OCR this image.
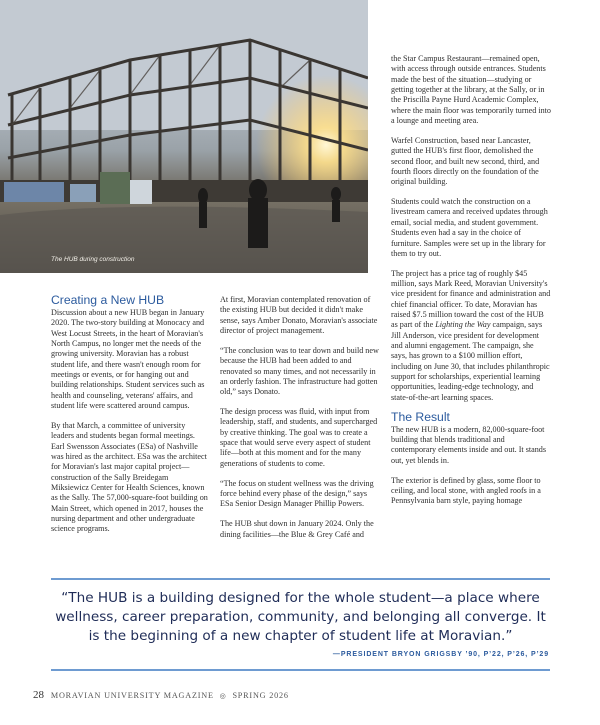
The HUB during construction
Creating a New HUB

Discussion about a new HUB began in January 2020. The two-story building at Monocacy and West Locust Streets, in the heart of Moravian's North Campus, no longer met the needs of the growing university. Moravian has a robust student life, and there wasn't enough room for meetings or events, or for hanging out and building relationships. Student services such as health and counseling, veterans' affairs, and student life were scattered around campus.

By that March, a committee of university leaders and students began formal meetings. Earl Swensson Associates (ESa) of Nashville was hired as the architect. ESa was the architect for Moravian's last major capital project—construction of the Sally Breidegam Miksiewicz Center for Health Sciences, known as the Sally. The 57,000-square-foot building on Main Street, which opened in 2017, houses the nursing department and other undergraduate science programs.

At first, Moravian contemplated renovation of the existing HUB but decided it didn't make sense, says Amber Donato, Moravian's associate director of project management.

“The conclusion was to tear down and build new because the HUB had been added to and renovated so many times, and not necessarily in an orderly fashion. The infrastructure had gotten old,” says Donato.

The design process was fluid, with input from leadership, staff, and students, and supercharged by creative thinking. The goal was to create a space that would serve every aspect of student life—both at this moment and for the many generations of students to come.

“The focus on student wellness was the driving force behind every phase of the design,” says ESa Senior Design Manager Phillip Powers.

The HUB shut down in January 2024. Only the dining facilities—the Blue & Grey Café and

the Star Campus Restaurant—remained open, with access through outside entrances. Students made the best of the situation—studying or getting together at the library, at the Sally, or in the Priscilla Payne Hurd Academic Complex, where the main floor was temporarily turned into a lounge and meeting area.

Warfel Construction, based near Lancaster, gutted the HUB's first floor, demolished the second floor, and built new second, third, and fourth floors directly on the foundation of the original building.

Students could watch the construction on a livestream camera and received updates through email, social media, and student government. Students even had a say in the choice of furniture. Samples were set up in the library for them to try out.

The project has a price tag of roughly $45 million, says Mark Reed, Moravian University's vice president for finance and administration and chief financial officer. To date, Moravian has raised $7.5 million toward the cost of the HUB as part of the Lighting the Way campaign, says Jill Anderson, vice president for development and alumni engagement. The campaign, she says, has grown to a $100 million effort, including on June 30, that includes philanthropic support for scholarships, experiential learning opportunities, leading-edge technology, and state-of-the-art learning spaces.

The Result

The new HUB is a modern, 82,000-square-foot building that blends traditional and contemporary elements inside and out. It stands out, yet blends in.

The exterior is defined by glass, some floor to ceiling, and local stone, with angled roofs in a Pennsylvania barn style, paying homage

“The HUB is a building designed for the whole student—a place where wellness, career preparation, community, and belonging all converge. It is the beginning of a new chapter of student life at Moravian.”
—PRESIDENT BRYON GRIGSBY ’90, P’22, P’26, P’29
28 MORAVIAN UNIVERSITY MAGAZINE ◎ SPRING 2026
